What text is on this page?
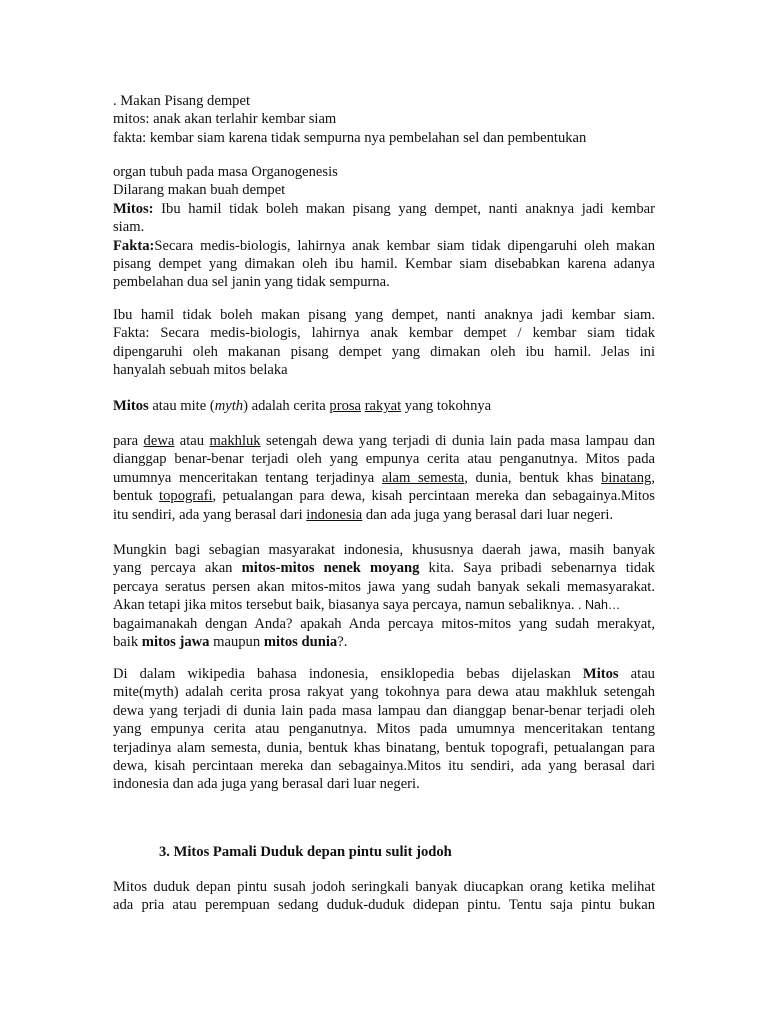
. Makan Pisang dempet
mitos: anak akan terlahir kembar siam
fakta: kembar siam karena tidak sempurna nya pembelahan sel dan pembentukan
organ tubuh pada masa Organogenesis
Dilarang makan buah dempet
Mitos: Ibu hamil tidak boleh makan pisang yang dempet, nanti anaknya jadi kembar
siam.
Fakta:Secara medis-biologis, lahirnya anak kembar siam tidak dipengaruhi oleh makan
pisang dempet yang dimakan oleh ibu hamil. Kembar siam disebabkan karena adanya
pembelahan dua sel janin yang tidak sempurna.
Ibu hamil tidak boleh makan pisang yang dempet, nanti anaknya jadi kembar siam.
Fakta: Secara medis-biologis, lahirnya anak kembar dempet / kembar siam tidak
dipengaruhi oleh makanan pisang dempet yang dimakan oleh ibu hamil. Jelas ini
hanyalah sebuah mitos belaka
Mitos atau mite (myth) adalah cerita prosa rakyat yang tokohnya
para dewa atau makhluk setengah dewa yang terjadi di dunia lain pada masa lampau dan
dianggap benar-benar terjadi oleh yang empunya cerita atau penganutnya. Mitos pada
umumnya menceritakan tentang terjadinya alam semesta, dunia, bentuk khas binatang,
bentuk topografi, petualangan para dewa, kisah percintaan mereka dan sebagainya.Mitos
itu sendiri, ada yang berasal dari indonesia dan ada juga yang berasal dari luar negeri.
Mungkin bagi sebagian masyarakat indonesia, khususnya daerah jawa, masih banyak
yang percaya akan mitos-mitos nenek moyang kita. Saya pribadi sebenarnya tidak
percaya seratus persen akan mitos-mitos jawa yang sudah banyak sekali memasyarakat.
Akan tetapi jika mitos tersebut baik, biasanya saya percaya, namun sebaliknya. . Nah…
bagaimanakah dengan Anda? apakah Anda percaya mitos-mitos yang sudah merakyat,
baik mitos jawa maupun mitos dunia?.
Di dalam wikipedia bahasa indonesia, ensiklopedia bebas dijelaskan Mitos atau
mite(myth) adalah cerita prosa rakyat yang tokohnya para dewa atau makhluk setengah
dewa yang terjadi di dunia lain pada masa lampau dan dianggap benar-benar terjadi oleh
yang empunya cerita atau penganutnya. Mitos pada umumnya menceritakan tentang
terjadinya alam semesta, dunia, bentuk khas binatang, bentuk topografi, petualangan para
dewa, kisah percintaan mereka dan sebagainya.Mitos itu sendiri, ada yang berasal dari
indonesia dan ada juga yang berasal dari luar negeri.

3. Mitos Pamali Duduk depan pintu sulit jodoh

Mitos duduk depan pintu susah jodoh seringkali banyak diucapkan orang ketika melihat
ada pria atau perempuan sedang duduk-duduk didepan pintu. Tentu saja pintu bukan
